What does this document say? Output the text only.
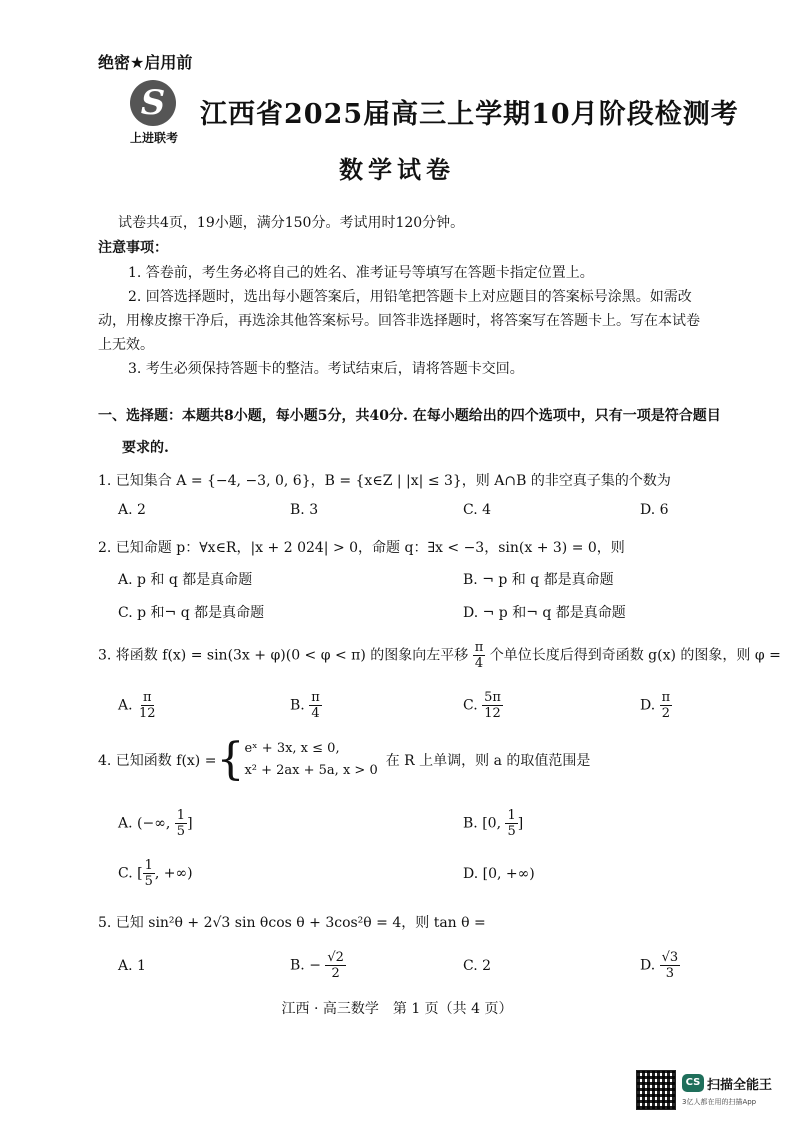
绝密★启用前
S
上进联考
江西省2025届高三上学期10月阶段检测考
数学试卷
试卷共4页，19小题，满分150分。考试用时120分钟。
注意事项：
1. 答卷前，考生务必将自己的姓名、准考证号等填写在答题卡指定位置上。
2. 回答选择题时，选出每小题答案后，用铅笔把答题卡上对应题目的答案标号涂黑。如需改
动，用橡皮擦干净后，再选涂其他答案标号。回答非选择题时，将答案写在答题卡上。写在本试卷
上无效。
3. 考生必须保持答题卡的整洁。考试结束后，请将答题卡交回。
一、选择题：本题共8小题，每小题5分，共40分. 在每小题给出的四个选项中，只有一项是符合题目
要求的.
1. 已知集合 A = {−4, −3, 0, 6}，B = {x∈Z | |x| ≤ 3}，则 A∩B 的非空真子集的个数为
A. 2	B. 3	C. 4	D. 6
2. 已知命题 p：∀x∈R，|x + 2 024| > 0，命题 q：∃x < −3，sin(x + 3) = 0，则
A. p 和 q 都是真命题	B. ¬ p 和 q 都是真命题
C. p 和¬ q 都是真命题	D. ¬ p 和¬ q 都是真命题
3. 将函数 f(x) = sin(3x + φ)(0 < φ < π) 的图象向左平移 $\frac{\pi}{4}$ 个单位长度后得到奇函数 g(x) 的图象，则 φ =
A. $\frac{\pi}{12}$	B. $\frac{\pi}{4}$	C. $\frac{5\pi}{12}$	D. $\frac{\pi}{2}$
4. 已知函数 f(x) = { eˣ + 3x, x ≤ 0,
x² + 2ax + 5a, x > 0
在 R 上单调，则 a 的取值范围是
A. (−∞, $\frac{1}{5}$ ]	B. [0, $\frac{1}{5}$ ]
C. [ $\frac{1}{5}$ , +∞)	D. [0, +∞)
5. 已知 sin²θ + 2√3 sin θcos θ + 3cos²θ = 4，则 tan θ =
A. 1	B. − $\frac{√2}{2}$	C. 2	D. $\frac{√3}{3}$
江西 · 高三数学　第 1 页（共 4 页）
CS 扫描全能王
3亿人都在用的扫描App
